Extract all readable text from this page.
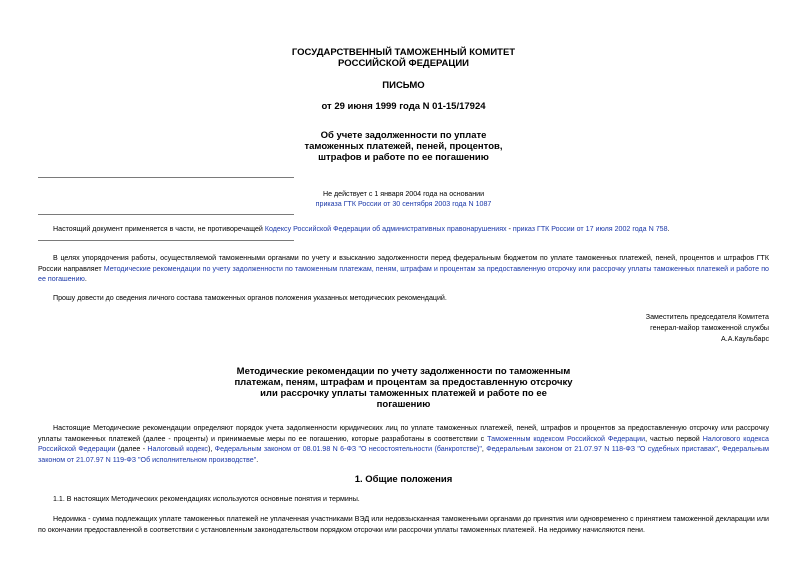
ГОСУДАРСТВЕННЫЙ ТАМОЖЕННЫЙ КОМИТЕТ
РОССИЙСКОЙ ФЕДЕРАЦИИ
ПИСЬМО
от 29 июня 1999 года N 01-15/17924
Об учете задолженности по уплате
таможенных платежей, пеней, процентов,
штрафов и работе по ее погашению
Не действует с 1 января 2004 года на основании
приказа ГТК России от 30 сентября 2003 года N 1087
Настоящий документ применяется в части, не противоречащей Кодексу Российской Федерации об административных правонарушениях - приказ ГТК России от 17 июля 2002 года N 758.
В целях упорядочения работы, осуществляемой таможенными органами по учету и взысканию задолженности перед федеральным бюджетом по уплате таможенных платежей, пеней, процентов и штрафов ГТК России направляет Методические рекомендации по учету задолженности по таможенным платежам, пеням, штрафам и процентам за предоставленную отсрочку или рассрочку уплаты таможенных платежей и работе по ее погашению.
Прошу довести до сведения личного состава таможенных органов положения указанных методических рекомендаций.
Заместитель председателя Комитета
генерал-майор таможенной службы
А.А.Каульбарс
Методические рекомендации по учету задолженности по таможенным
платежам, пеням, штрафам и процентам за предоставленную отсрочку
или рассрочку уплаты таможенных платежей и работе по ее
погашению
Настоящие Методические рекомендации определяют порядок учета задолженности юридических лиц по уплате таможенных платежей, пеней, штрафов и процентов за предоставленную отсрочку или рассрочку уплаты таможенных платежей (далее - проценты) и принимаемые меры по ее погашению, которые разработаны в соответствии с Таможенным кодексом Российской Федерации, частью первой Налогового кодекса Российской Федерации (далее - Налоговый кодекс), Федеральным законом от 08.01.98 N 6-ФЗ "О несостоятельности (банкротстве)", Федеральным законом от 21.07.97 N 118-ФЗ "О судебных приставах", Федеральным законом от 21.07.97 N 119-ФЗ "Об исполнительном производстве".
1. Общие положения
1.1. В настоящих Методических рекомендациях используются основные понятия и термины.
Недоимка - сумма подлежащих уплате таможенных платежей не уплаченная участниками ВЭД или недовзысканная таможенными органами до принятия или одновременно с принятием таможенной декларации или по окончании предоставленной в соответствии с установленным законодательством порядком отсрочки или рассрочки уплаты таможенных платежей. На недоимку начисляются пени.
